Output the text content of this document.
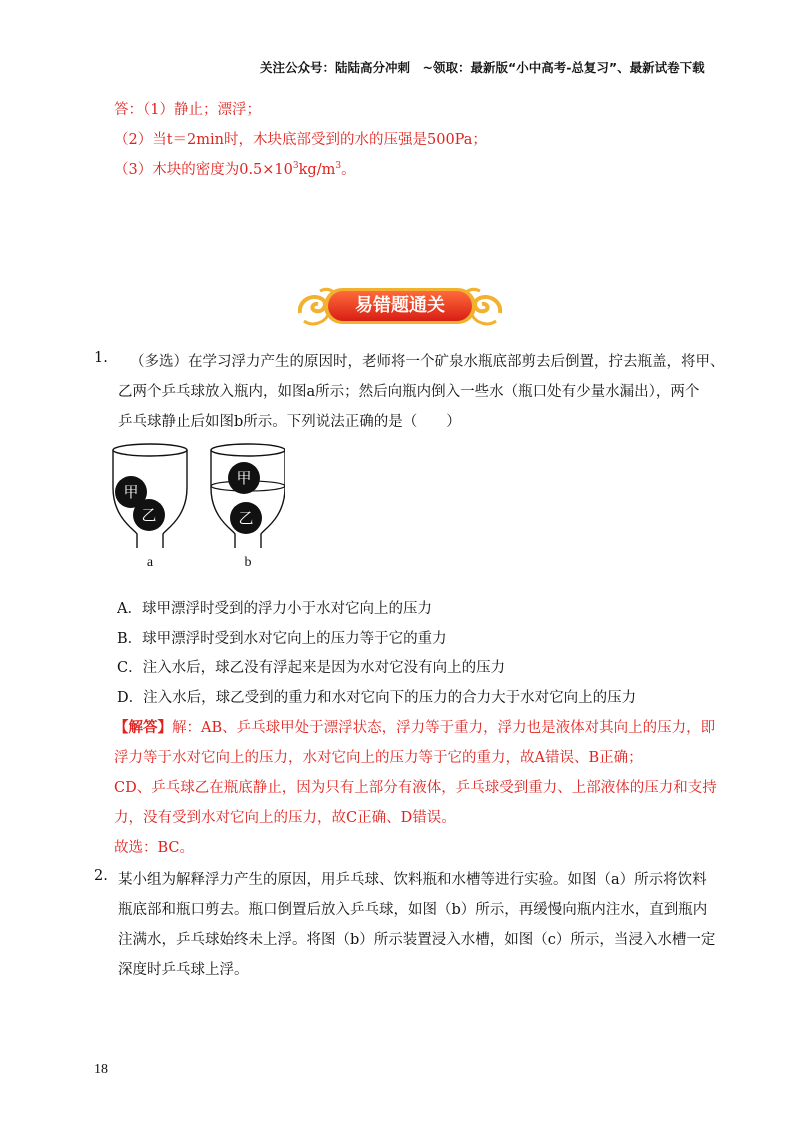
关注公众号：陆陆高分冲刺　~领取：最新版“小中高考-总复习”、最新试卷下载
答：（1）静止；漂浮；
（2）当t＝2min时，木块底部受到的水的压强是500Pa；
（3）木块的密度为$0.5\times 10^3kg/m^3$。
易错题通关
1. （多选）在学习浮力产生的原因时，老师将一个矿泉水瓶底部剪去后倒置，拧去瓶盖，将甲、
乙两个乒乓球放入瓶内，如图a所示；然后向瓶内倒入一些水（瓶口处有少量水漏出），两个
乒乓球静止后如图b所示。下列说法正确的是（　　）
甲
乙
甲
乙
a	b
A．球甲漂浮时受到的浮力小于水对它向上的压力
B．球甲漂浮时受到水对它向上的压力等于它的重力
C．注入水后，球乙没有浮起来是因为水对它没有向上的压力
D．注入水后，球乙受到的重力和水对它向下的压力的合力大于水对它向上的压力
【解答】解：AB、乒乓球甲处于漂浮状态，浮力等于重力，浮力也是液体对其向上的压力，即
浮力等于水对它向上的压力，水对它向上的压力等于它的重力，故A错误、B正确；
CD、乒乓球乙在瓶底静止，因为只有上部分有液体，乒乓球受到重力、上部液体的压力和支持
力，没有受到水对它向上的压力，故C正确、D错误。
故选：BC。
2. 某小组为解释浮力产生的原因，用乒乓球、饮料瓶和水槽等进行实验。如图（a）所示将饮料
瓶底部和瓶口剪去。瓶口倒置后放入乒乓球，如图（b）所示，再缓慢向瓶内注水，直到瓶内
注满水，乒乓球始终未上浮。将图（b）所示装置浸入水槽，如图（c）所示，当浸入水槽一定
深度时乒乓球上浮。
18
